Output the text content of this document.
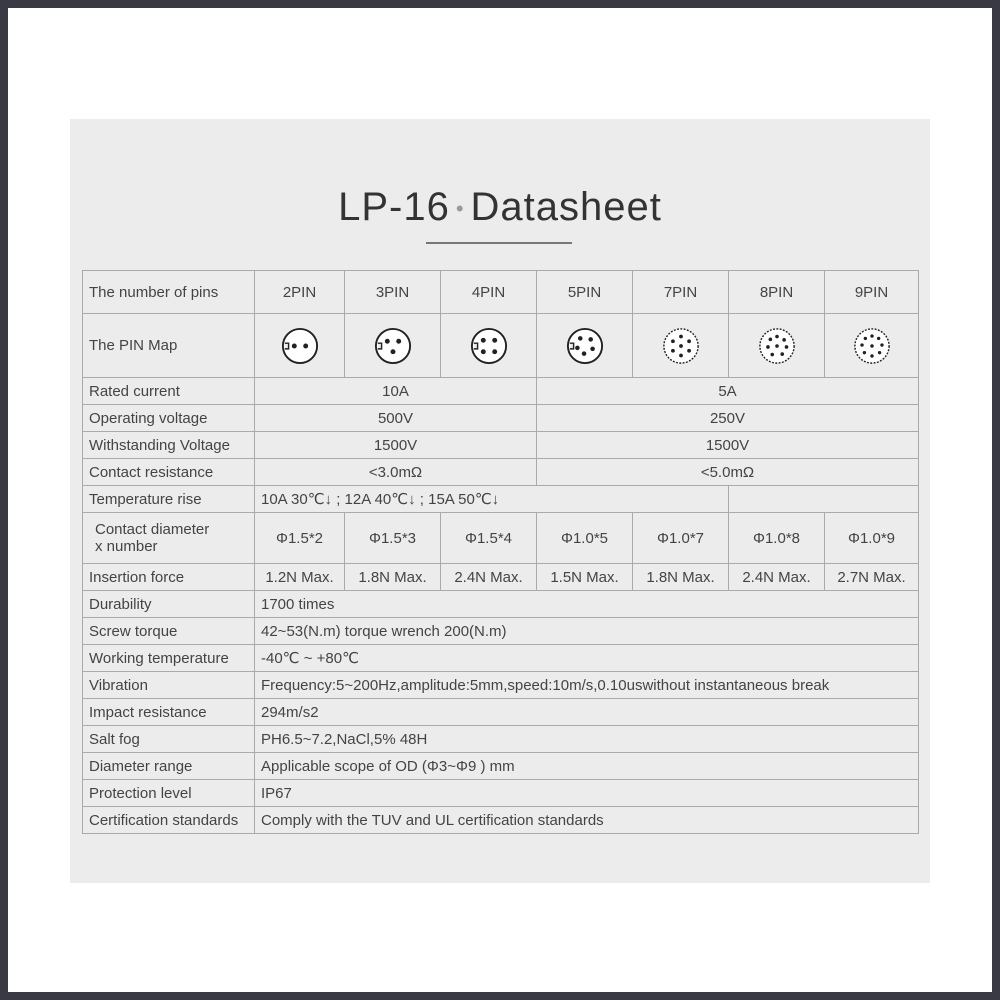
LP-16 • Datasheet
The number of pins	2PIN	3PIN	4PIN	5PIN	7PIN	8PIN	9PIN
The PIN Map							
Rated current	10A			5A			
Operating voltage	500V			250V			
Withstanding Voltage	1500V			1500V			
Contact resistance	<3.0mΩ			<5.0mΩ			
Temperature rise	10A 30℃↓ ; 12A 40℃↓ ; 15A 50℃↓						
Contact diameter
x number	Φ1.5*2	Φ1.5*3	Φ1.5*4	Φ1.0*5	Φ1.0*7	Φ1.0*8	Φ1.0*9
Insertion force	1.2N Max.	1.8N Max.	2.4N Max.	1.5N Max.	1.8N Max.	2.4N Max.	2.7N Max.
Durability	1700 times						
Screw torque	42~53(N.m) torque wrench 200(N.m)						
Working temperature	-40℃ ~ +80℃						
Vibration	Frequency:5~200Hz,amplitude:5mm,speed:10m/s,0.10uswithout instantaneous break						
Impact resistance	294m/s2						
Salt fog	PH6.5~7.2,NaCl,5% 48H						
Diameter range	Applicable scope of OD (Φ3~Φ9 ) mm						
Protection level	IP67						
Certification standards	Comply with the TUV and UL certification standards						
